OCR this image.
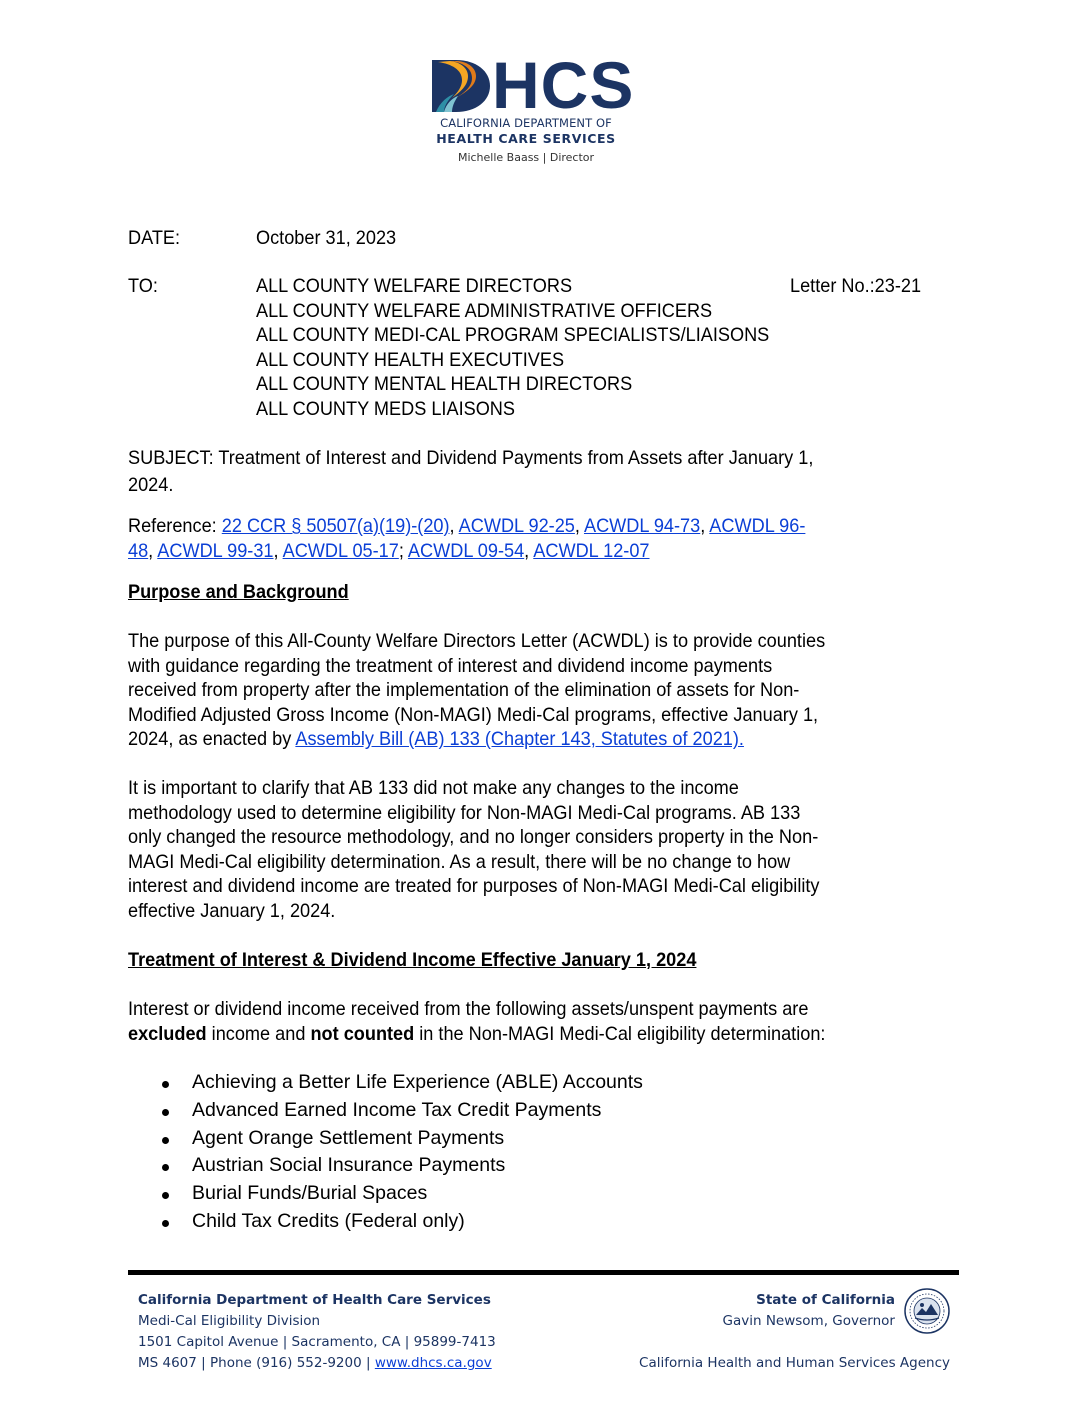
HCS
CALIFORNIA DEPARTMENT OF
HEALTH CARE SERVICES
Michelle Baass | Director
DATE:	October 31, 2023
TO:	ALL COUNTY WELFARE DIRECTORS
ALL COUNTY WELFARE ADMINISTRATIVE OFFICERS
ALL COUNTY MEDI-CAL PROGRAM SPECIALISTS/LIAISONS
ALL COUNTY HEALTH EXECUTIVES
ALL COUNTY MENTAL HEALTH DIRECTORS
ALL COUNTY MEDS LIAISONS
Letter No.:23-21
SUBJECT: Treatment of Interest and Dividend Payments from Assets after January 1,
2024.
Reference: 22 CCR § 50507(a)(19)-(20), ACWDL 92-25, ACWDL 94-73, ACWDL 96-
48, ACWDL 99-31, ACWDL 05-17; ACWDL 09-54, ACWDL 12-07
Purpose and Background
The purpose of this All-County Welfare Directors Letter (ACWDL) is to provide counties
with guidance regarding the treatment of interest and dividend income payments
received from property after the implementation of the elimination of assets for Non-
Modified Adjusted Gross Income (Non-MAGI) Medi-Cal programs, effective January 1,
2024, as enacted by Assembly Bill (AB) 133 (Chapter 143, Statutes of 2021).
It is important to clarify that AB 133 did not make any changes to the income
methodology used to determine eligibility for Non-MAGI Medi-Cal programs. AB 133
only changed the resource methodology, and no longer considers property in the Non-
MAGI Medi-Cal eligibility determination. As a result, there will be no change to how
interest and dividend income are treated for purposes of Non-MAGI Medi-Cal eligibility
effective January 1, 2024.
Treatment of Interest & Dividend Income Effective January 1, 2024
Interest or dividend income received from the following assets/unspent payments are
excluded income and not counted in the Non-MAGI Medi-Cal eligibility determination:
Achieving a Better Life Experience (ABLE) Accounts
Advanced Earned Income Tax Credit Payments
Agent Orange Settlement Payments
Austrian Social Insurance Payments
Burial Funds/Burial Spaces
Child Tax Credits (Federal only)
California Department of Health Care Services
Medi-Cal Eligibility Division
1501 Capitol Avenue | Sacramento, CA | 95899-7413
MS 4607 | Phone (916) 552-9200 | www.dhcs.ca.gov
State of California
Gavin Newsom, Governor
California Health and Human Services Agency
